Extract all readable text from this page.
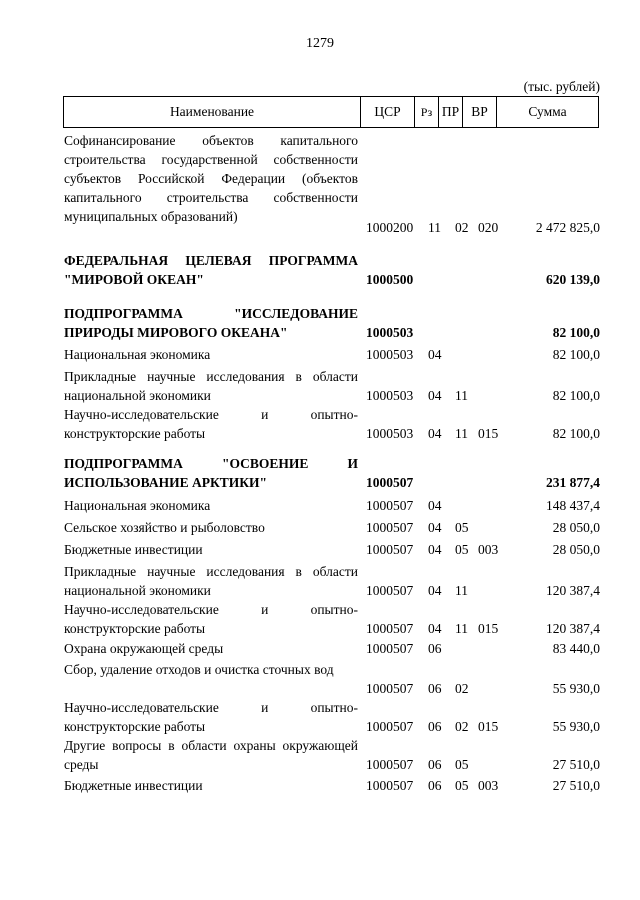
1279
(тыс. рублей)
Наименование	ЦСР	Рз ПР ВР	Сумма
Софинансирование объектов капитального строительства государственной собственности субъектов Российской Федерации (объектов капитального строительства собственности муниципальных образований)
1000200 11 02 020	2 472 825,0
ФЕДЕРАЛЬНАЯ ЦЕЛЕВАЯ ПРОГРАММА "МИРОВОЙ ОКЕАН"	1000500	620 139,0
ПОДПРОГРАММА "ИССЛЕДОВАНИЕ ПРИРОДЫ МИРОВОГО ОКЕАНА"	1000503	82 100,0
Национальная экономика	1000503 04	82 100,0
Прикладные научные исследования в области национальной экономики	1000503 04 11	82 100,0
Научно-исследовательские и опытно-конструкторские работы	1000503 04 11 015	82 100,0
ПОДПРОГРАММА "ОСВОЕНИЕ И ИСПОЛЬЗОВАНИЕ АРКТИКИ"	1000507	231 877,4
Национальная экономика	1000507 04	148 437,4
Сельское хозяйство и рыболовство	1000507 04 05	28 050,0
Бюджетные инвестиции	1000507 04 05 003	28 050,0
Прикладные научные исследования в области национальной экономики	1000507 04 11	120 387,4
Научно-исследовательские и опытно-конструкторские работы	1000507 04 11 015	120 387,4
Охрана окружающей среды	1000507 06	83 440,0
Сбор, удаление отходов и очистка сточных вод
1000507 06 02	55 930,0
Научно-исследовательские и опытно-конструкторские работы	1000507 06 02 015	55 930,0
Другие вопросы в области охраны окружающей среды	1000507 06 05	27 510,0
Бюджетные инвестиции	1000507 06 05 003	27 510,0
